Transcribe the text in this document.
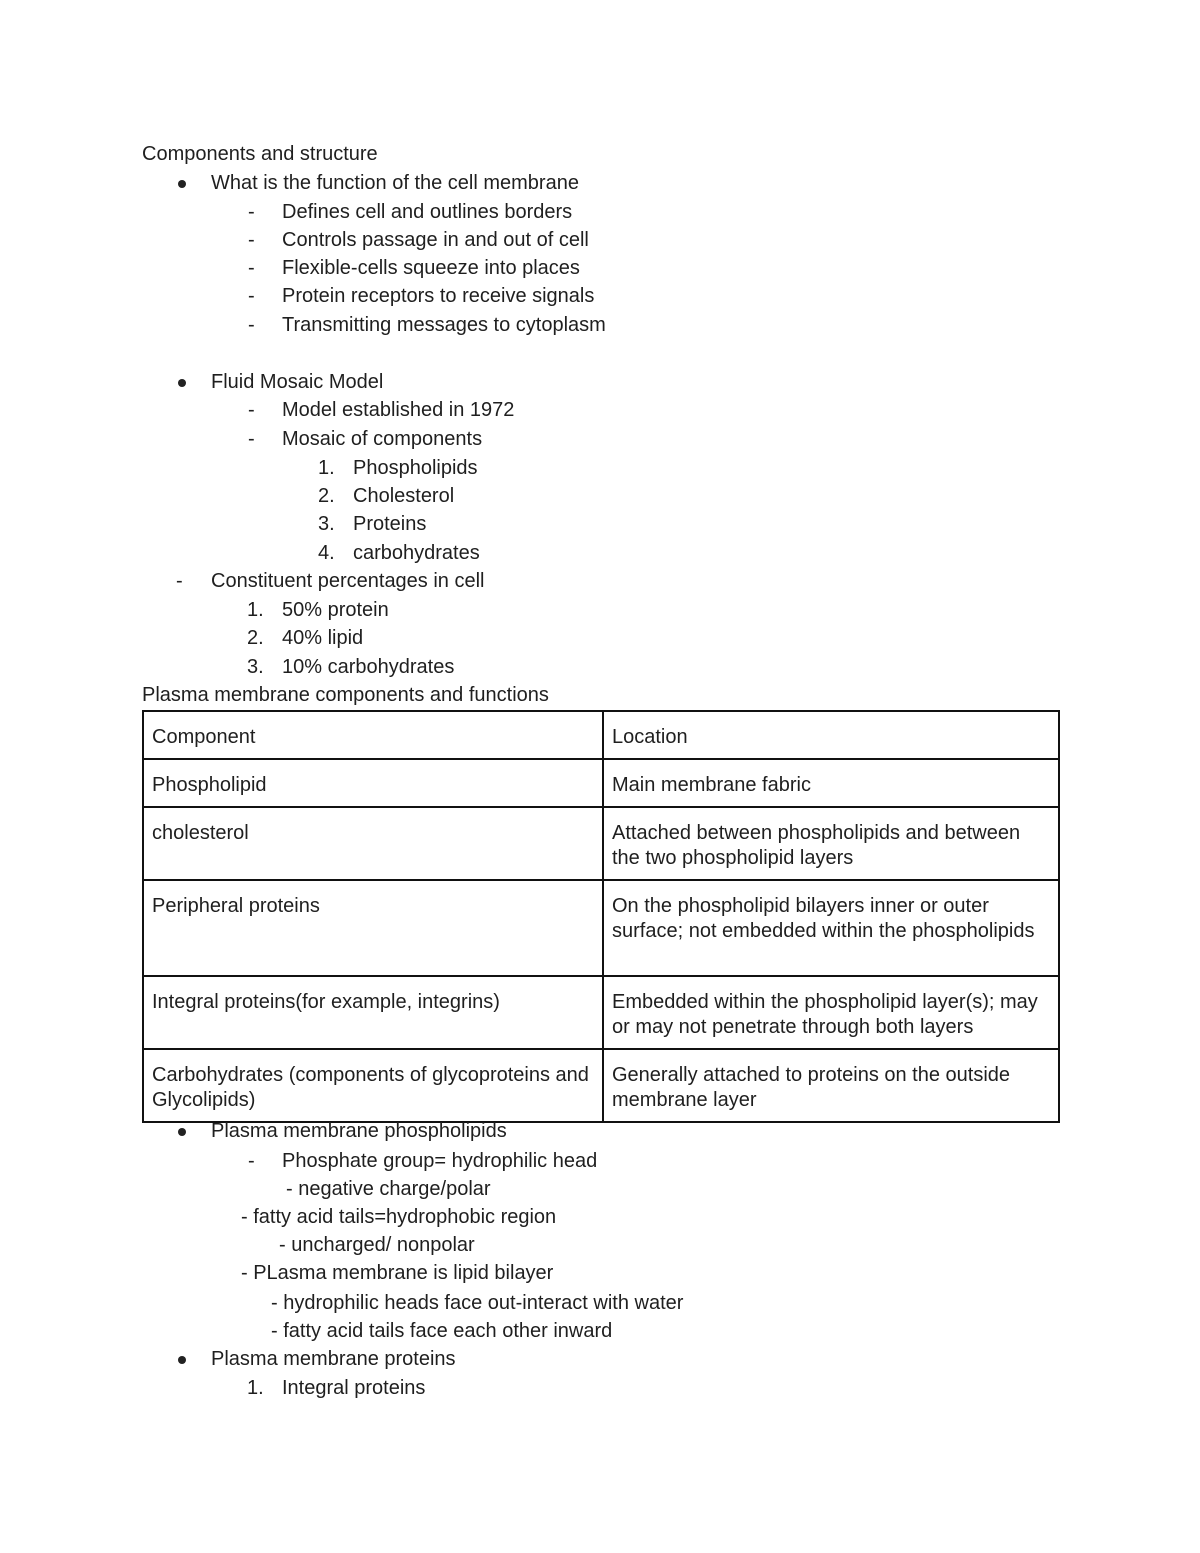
Components and structure
What is the function of the cell membrane
- Defines cell and outlines borders
- Controls passage in and out of cell
- Flexible-cells squeeze into places
- Protein receptors to receive signals
- Transmitting messages to cytoplasm
Fluid Mosaic Model
- Model established in 1972
- Mosaic of components
1. Phospholipids
2. Cholesterol
3. Proteins
4. carbohydrates
- Constituent percentages in cell
1. 50% protein
2. 40% lipid
3. 10% carbohydrates
Plasma membrane components and functions
Component	Location
Phospholipid	Main membrane fabric
cholesterol	Attached between phospholipids and between the two phospholipid layers
Peripheral proteins	On the phospholipid bilayers inner or outer surface; not embedded within the phospholipids
Integral proteins(for example, integrins)	Embedded within the phospholipid layer(s); may or may not penetrate through both layers
Carbohydrates (components of glycoproteins and Glycolipids)	Generally attached to proteins on the outside membrane layer
Plasma membrane phospholipids
- Phosphate group= hydrophilic head
- negative charge/polar
- fatty acid tails=hydrophobic region
- uncharged/ nonpolar
- PLasma membrane is lipid bilayer
- hydrophilic heads face out-interact with water
- fatty acid tails face each other inward
Plasma membrane proteins
1. Integral proteins
